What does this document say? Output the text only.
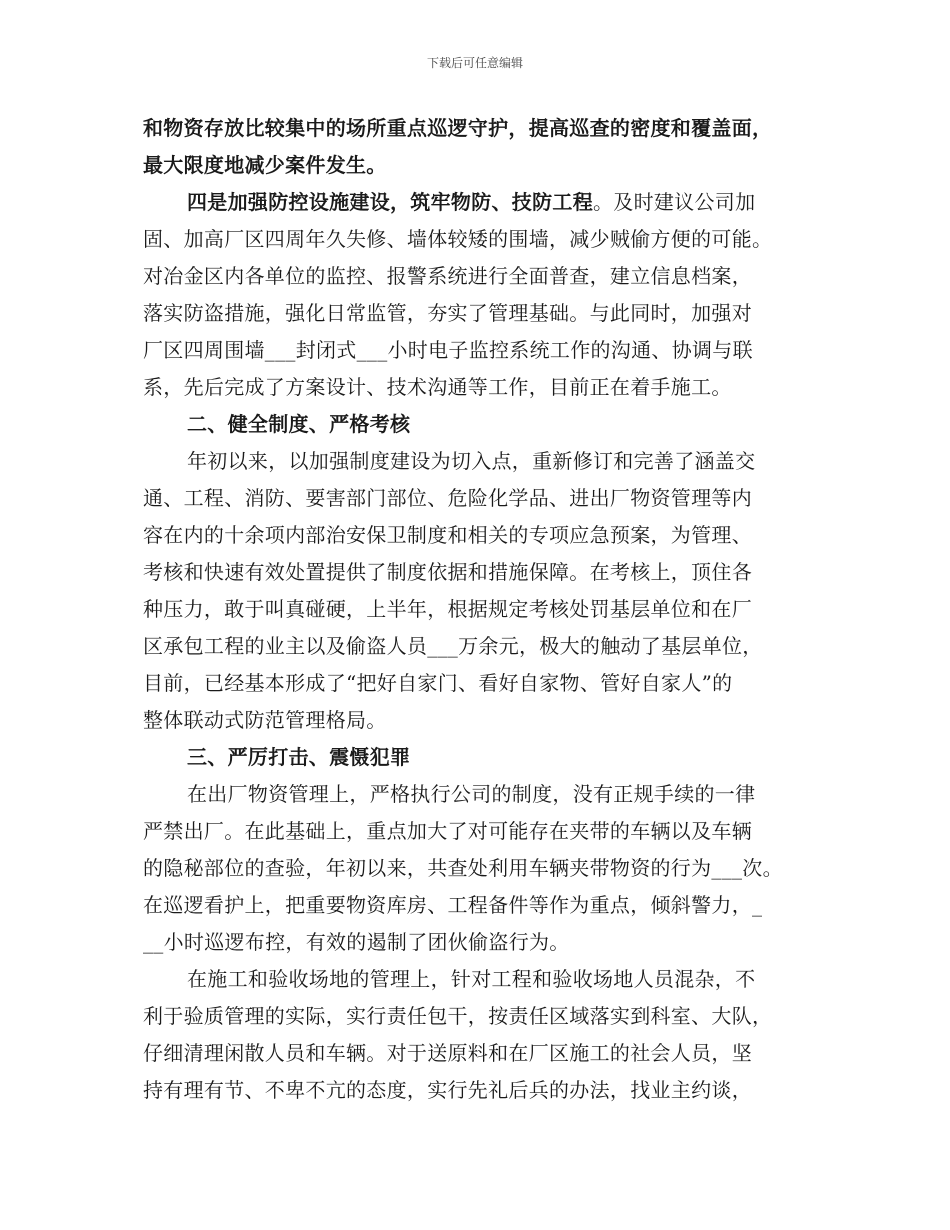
下载后可任意编辑
和物资存放比较集中的场所重点巡逻守护，提高巡查的密度和覆盖面，
最大限度地减少案件发生。
四是加强防控设施建设，筑牢物防、技防工程。及时建议公司加
固、加高厂区四周年久失修、墙体较矮的围墙，减少贼偷方便的可能。
对冶金区内各单位的监控、报警系统进行全面普查，建立信息档案，
落实防盗措施，强化日常监管，夯实了管理基础。与此同时，加强对
厂区四周围墙___封闭式___小时电子监控系统工作的沟通、协调与联
系，先后完成了方案设计、技术沟通等工作，目前正在着手施工。
二、健全制度、严格考核
年初以来，以加强制度建设为切入点，重新修订和完善了涵盖交
通、工程、消防、要害部门部位、危险化学品、进出厂物资管理等内
容在内的十余项内部治安保卫制度和相关的专项应急预案，为管理、
考核和快速有效处置提供了制度依据和措施保障。在考核上，顶住各
种压力，敢于叫真碰硬，上半年，根据规定考核处罚基层单位和在厂
区承包工程的业主以及偷盗人员___万余元，极大的触动了基层单位，
目前，已经基本形成了“把好自家门、看好自家物、管好自家人”的
整体联动式防范管理格局。
三、严厉打击、震慑犯罪
在出厂物资管理上，严格执行公司的制度，没有正规手续的一律
严禁出厂。在此基础上，重点加大了对可能存在夹带的车辆以及车辆
的隐秘部位的查验，年初以来，共查处利用车辆夹带物资的行为___次。
在巡逻看护上，把重要物资库房、工程备件等作为重点，倾斜警力，_
__小时巡逻布控，有效的遏制了团伙偷盗行为。
在施工和验收场地的管理上，针对工程和验收场地人员混杂，不
利于验质管理的实际，实行责任包干，按责任区域落实到科室、大队，
仔细清理闲散人员和车辆。对于送原料和在厂区施工的社会人员，坚
持有理有节、不卑不亢的态度，实行先礼后兵的办法，找业主约谈，
